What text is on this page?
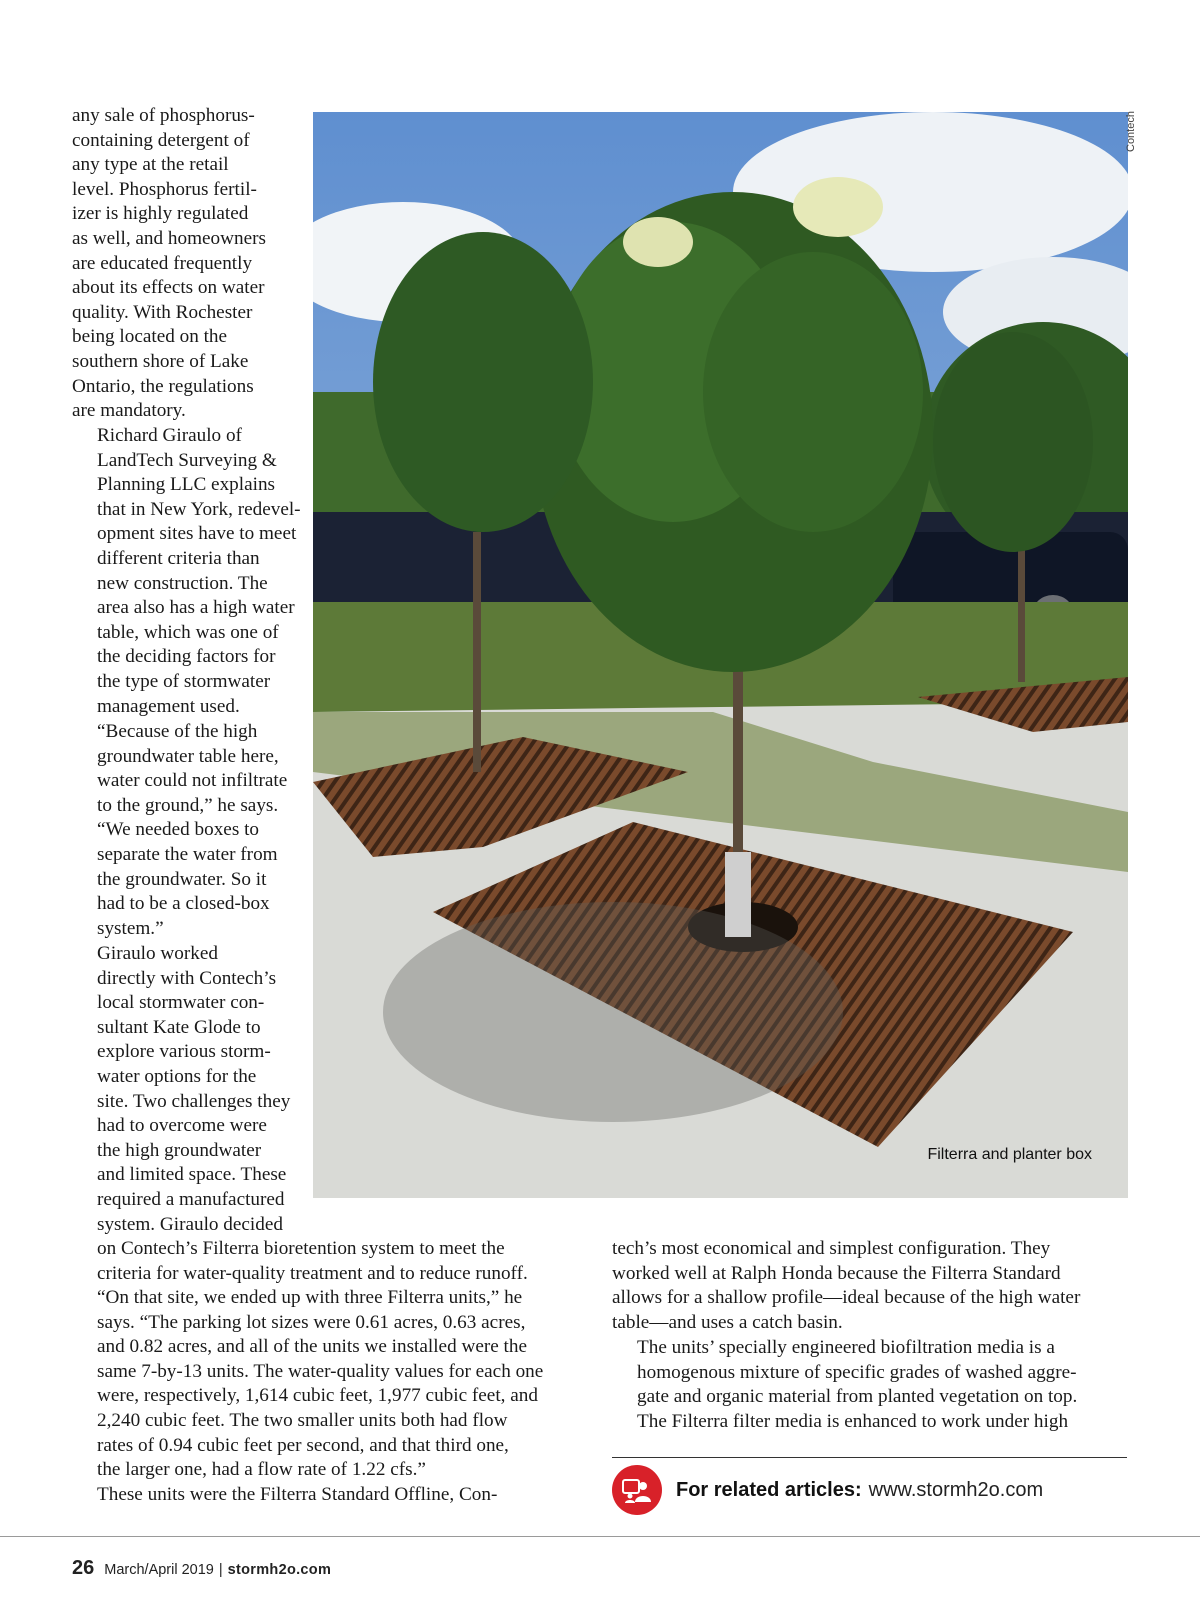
any sale of phosphorus-
containing detergent of
any type at the retail
level. Phosphorus fertil-
izer is highly regulated
as well, and homeowners
are educated frequently
about its effects on water
quality. With Rochester
being located on the
southern shore of Lake
Ontario, the regulations
are mandatory.
Richard Giraulo of
LandTech Surveying &
Planning LLC explains
that in New York, redevel-
opment sites have to meet
different criteria than
new construction. The
area also has a high water
table, which was one of
the deciding factors for
the type of stormwater
management used.
“Because of the high
groundwater table here,
water could not infiltrate
to the ground,” he says.
“We needed boxes to
separate the water from
the groundwater. So it
had to be a closed-box
system.”
Giraulo worked
directly with Contech’s
local stormwater con-
sultant Kate Glode to
explore various storm-
water options for the
site. Two challenges they
had to overcome were
the high groundwater
and limited space. These
required a manufactured
system. Giraulo decided
on Contech’s Filterra bioretention system to meet the
criteria for water-quality treatment and to reduce runoff.
“On that site, we ended up with three Filterra units,” he
says. “The parking lot sizes were 0.61 acres, 0.63 acres,
and 0.82 acres, and all of the units we installed were the
same 7-by-13 units. The water-quality values for each one
were, respectively, 1,614 cubic feet, 1,977 cubic feet, and
2,240 cubic feet. The two smaller units both had flow
rates of 0.94 cubic feet per second, and that third one,
the larger one, had a flow rate of 1.22 cfs.”
These units were the Filterra Standard Offline, Con-
tech’s most economical and simplest configuration. They
worked well at Ralph Honda because the Filterra Standard
allows for a shallow profile—ideal because of the high water
table—and uses a catch basin.
The units’ specially engineered biofiltration media is a
homogenous mixture of specific grades of washed aggre-
gate and organic material from planted vegetation on top.
The Filterra filter media is enhanced to work under high
Filterra and planter box
Contech
For related articles: www.stormh2o.com
26 March/April 2019 | stormh2o.com
